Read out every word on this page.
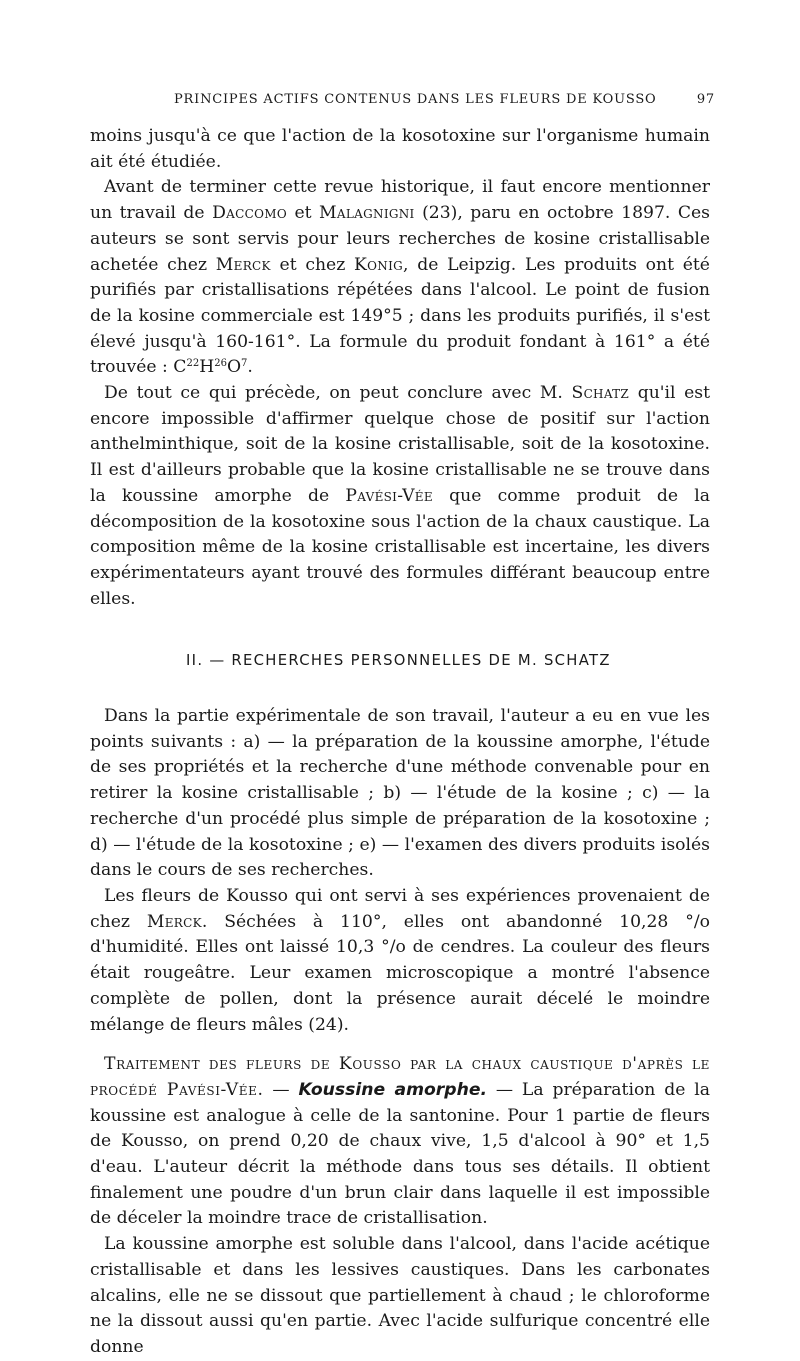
PRINCIPES ACTIFS CONTENUS DANS LES FLEURS DE KOUSSO	97

moins jusqu'à ce que l'action de la kosotoxine sur l'organisme humain ait été étudiée.

Avant de terminer cette revue historique, il faut encore mentionner un travail de Daccomo et Malagnigni (23), paru en octobre 1897. Ces auteurs se sont servis pour leurs recherches de kosine cristallisable achetée chez Merck et chez Konig, de Leipzig. Les produits ont été purifiés par cristallisations répétées dans l'alcool. Le point de fusion de la kosine commerciale est 149°5 ; dans les produits purifiés, il s'est élevé jusqu'à 160-161°. La formule du produit fondant à 161° a été trouvée : $C^{22}H^{26}O^7$.

De tout ce qui précède, on peut conclure avec M. Schatz qu'il est encore impossible d'affirmer quelque chose de positif sur l'action anthelminthique, soit de la kosine cristallisable, soit de la kosotoxine. Il est d'ailleurs probable que la kosine cristallisable ne se trouve dans la koussine amorphe de Pavési-Vée que comme produit de la décomposition de la kosotoxine sous l'action de la chaux caustique. La composition même de la kosine cristallisable est incertaine, les divers expérimentateurs ayant trouvé des formules différant beaucoup entre elles.

II. — RECHERCHES PERSONNELLES DE M. SCHATZ

Dans la partie expérimentale de son travail, l'auteur a eu en vue les points suivants : a) — la préparation de la koussine amorphe, l'étude de ses propriétés et la recherche d'une méthode convenable pour en retirer la kosine cristallisable ; b) — l'étude de la kosine ; c) — la recherche d'un procédé plus simple de préparation de la kosotoxine ; d) — l'étude de la kosotoxine ; e) — l'examen des divers produits isolés dans le cours de ses recherches.

Les fleurs de Kousso qui ont servi à ses expériences provenaient de chez Merck. Séchées à 110°, elles ont abandonné 10,28 °/o d'humidité. Elles ont laissé 10,3 °/o de cendres. La couleur des fleurs était rougeâtre. Leur examen microscopique a montré l'absence complète de pollen, dont la présence aurait décelé le moindre mélange de fleurs mâles (24).

Traitement des fleurs de Kousso par la chaux caustique d'après le procédé Pavési-Vée. — Koussine amorphe. — La préparation de la koussine est analogue à celle de la santonine. Pour 1 partie de fleurs de Kousso, on prend 0,20 de chaux vive, 1,5 d'alcool à 90° et 1,5 d'eau. L'auteur décrit la méthode dans tous ses détails. Il obtient finalement une poudre d'un brun clair dans laquelle il est impossible de déceler la moindre trace de cristallisation.

La koussine amorphe est soluble dans l'alcool, dans l'acide acétique cristallisable et dans les lessives caustiques. Dans les carbonates alcalins, elle ne se dissout que partiellement à chaud ; le chloroforme ne la dissout aussi qu'en partie. Avec l'acide sulfurique concentré elle donne
